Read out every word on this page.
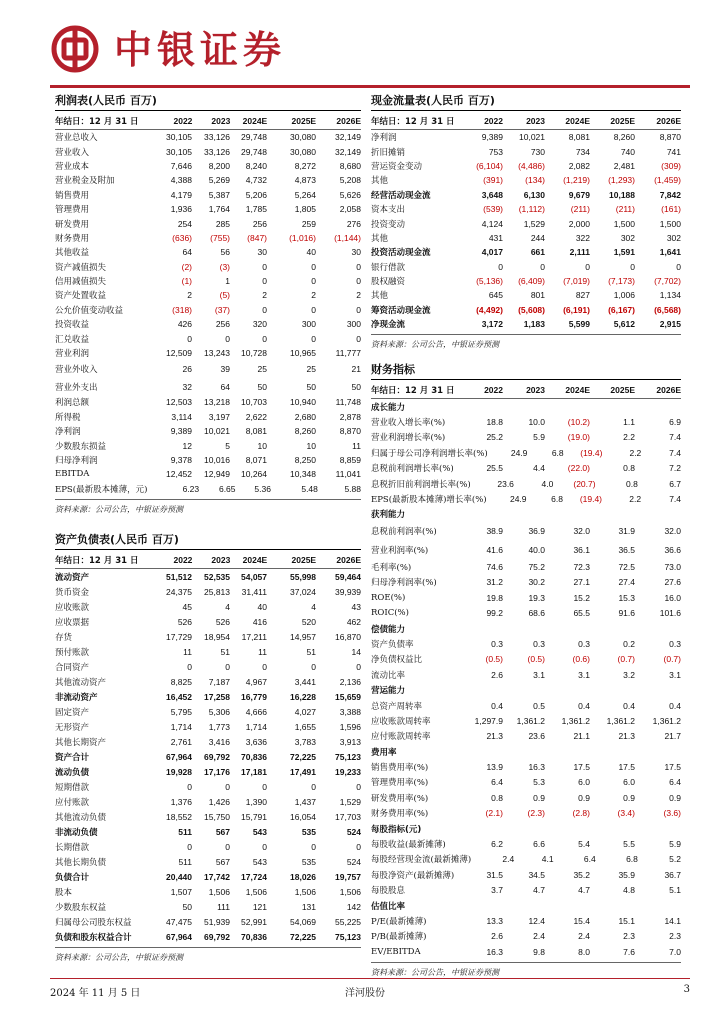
中银证券
利润表(人民币 百万)
年结日：12 月 31 日	2022	2023	2024E	2025E	2026E
营业总收入	30,105	33,126	29,748	30,080	32,149
营业收入	30,105	33,126	29,748	30,080	32,149
营业成本	7,646	8,200	8,240	8,272	8,680
营业税金及附加	4,388	5,269	4,732	4,873	5,208
销售费用	4,179	5,387	5,206	5,264	5,626
管理费用	1,936	1,764	1,785	1,805	2,058
研发费用	254	285	256	259	276
财务费用	(636)	(755)	(847)	(1,016)	(1,144)
其他收益	64	56	30	40	30
资产减值损失	(2)	(3)	0	0	0
信用减值损失	(1)	1	0	0	0
资产处置收益	2	(5)	2	2	2
公允价值变动收益	(318)	(37)	0	0	0
投资收益	426	256	320	300	300
汇兑收益	0	0	0	0	0
营业利润	12,509	13,243	10,728	10,965	11,777
营业外收入	26	39	25	25	21
营业外支出	32	64	50	50	50
利润总额	12,503	13,218	10,703	10,940	11,748
所得税	3,114	3,197	2,622	2,680	2,878
净利润	9,389	10,021	8,081	8,260	8,870
少数股东损益	12	5	10	10	11
归母净利润	9,378	10,016	8,071	8,250	8,859
EBITDA	12,452	12,949	10,264	10,348	11,041
EPS(最新股本摊薄，元)	6.23	6.65	5.36	5.48	5.88
资料来源：公司公告，中银证券预测
资产负债表(人民币 百万)
年结日：12 月 31 日	2022	2023	2024E	2025E	2026E
流动资产	51,512	52,535	54,057	55,998	59,464
货币资金	24,375	25,813	31,411	37,024	39,939
应收账款	45	4	40	4	43
应收票据	526	526	416	520	462
存货	17,729	18,954	17,211	14,957	16,870
预付账款	11	51	11	51	14
合同资产	0	0	0	0	0
其他流动资产	8,825	7,187	4,967	3,441	2,136
非流动资产	16,452	17,258	16,779	16,228	15,659
固定资产	5,795	5,306	4,666	4,027	3,388
无形资产	1,714	1,773	1,714	1,655	1,596
其他长期资产	2,761	3,416	3,636	3,783	3,913
资产合计	67,964	69,792	70,836	72,225	75,123
流动负债	19,928	17,176	17,181	17,491	19,233
短期借款	0	0	0	0	0
应付账款	1,376	1,426	1,390	1,437	1,529
其他流动负债	18,552	15,750	15,791	16,054	17,703
非流动负债	511	567	543	535	524
长期借款	0	0	0	0	0
其他长期负债	511	567	543	535	524
负债合计	20,440	17,742	17,724	18,026	19,757
股本	1,507	1,506	1,506	1,506	1,506
少数股东权益	50	111	121	131	142
归属母公司股东权益	47,475	51,939	52,991	54,069	55,225
负债和股东权益合计	67,964	69,792	70,836	72,225	75,123
资料来源：公司公告，中银证券预测
现金流量表(人民币 百万)
年结日：12 月 31 日	2022	2023	2024E	2025E	2026E
净利润	9,389	10,021	8,081	8,260	8,870
折旧摊销	753	730	734	740	741
营运资金变动	(6,104)	(4,486)	2,082	2,481	(309)
其他	(391)	(134)	(1,219)	(1,293)	(1,459)
经营活动现金流	3,648	6,130	9,679	10,188	7,842
资本支出	(539)	(1,112)	(211)	(211)	(161)
投资变动	4,124	1,529	2,000	1,500	1,500
其他	431	244	322	302	302
投资活动现金流	4,017	661	2,111	1,591	1,641
银行借款	0	0	0	0	0
股权融资	(5,136)	(6,409)	(7,019)	(7,173)	(7,702)
其他	645	801	827	1,006	1,134
筹资活动现金流	(4,492)	(5,608)	(6,191)	(6,167)	(6,568)
净现金流	3,172	1,183	5,599	5,612	2,915
资料来源：公司公告，中银证券预测
财务指标
年结日：12 月 31 日	2022	2023	2024E	2025E	2026E
成长能力
营业收入增长率(%)	18.8	10.0	(10.2)	1.1	6.9
营业利润增长率(%)	25.2	5.9	(19.0)	2.2	7.4
归属于母公司净利润增长率(%)	24.9	6.8	(19.4)	2.2	7.4
息税前利润增长率(%)	25.5	4.4	(22.0)	0.8	7.2
息税折旧前利润增长率(%)	23.6	4.0	(20.7)	0.8	6.7
EPS(最新股本摊薄)增长率(%)	24.9	6.8	(19.4)	2.2	7.4
获利能力
息税前利润率(%)	38.9	36.9	32.0	31.9	32.0
营业利润率(%)	41.6	40.0	36.1	36.5	36.6
毛利率(%)	74.6	75.2	72.3	72.5	73.0
归母净利润率(%)	31.2	30.2	27.1	27.4	27.6
ROE(%)	19.8	19.3	15.2	15.3	16.0
ROIC(%)	99.2	68.6	65.5	91.6	101.6
偿债能力
资产负债率	0.3	0.3	0.3	0.2	0.3
净负债权益比	(0.5)	(0.5)	(0.6)	(0.7)	(0.7)
流动比率	2.6	3.1	3.1	3.2	3.1
营运能力
总资产周转率	0.4	0.5	0.4	0.4	0.4
应收账款周转率	1,297.9	1,361.2	1,361.2	1,361.2	1,361.2
应付账款周转率	21.3	23.6	21.1	21.3	21.7
费用率
销售费用率(%)	13.9	16.3	17.5	17.5	17.5
管理费用率(%)	6.4	5.3	6.0	6.0	6.4
研发费用率(%)	0.8	0.9	0.9	0.9	0.9
财务费用率(%)	(2.1)	(2.3)	(2.8)	(3.4)	(3.6)
每股指标(元)
每股收益(最新摊薄)	6.2	6.6	5.4	5.5	5.9
每股经营现金流(最新摊薄)	2.4	4.1	6.4	6.8	5.2
每股净资产(最新摊薄)	31.5	34.5	35.2	35.9	36.7
每股股息	3.7	4.7	4.7	4.8	5.1
估值比率
P/E(最新摊薄)	13.3	12.4	15.4	15.1	14.1
P/B(最新摊薄)	2.6	2.4	2.4	2.3	2.3
EV/EBITDA	16.3	9.8	8.0	7.6	7.0
资料来源：公司公告，中银证券预测
2024 年 11 月 5 日	洋河股份	3
